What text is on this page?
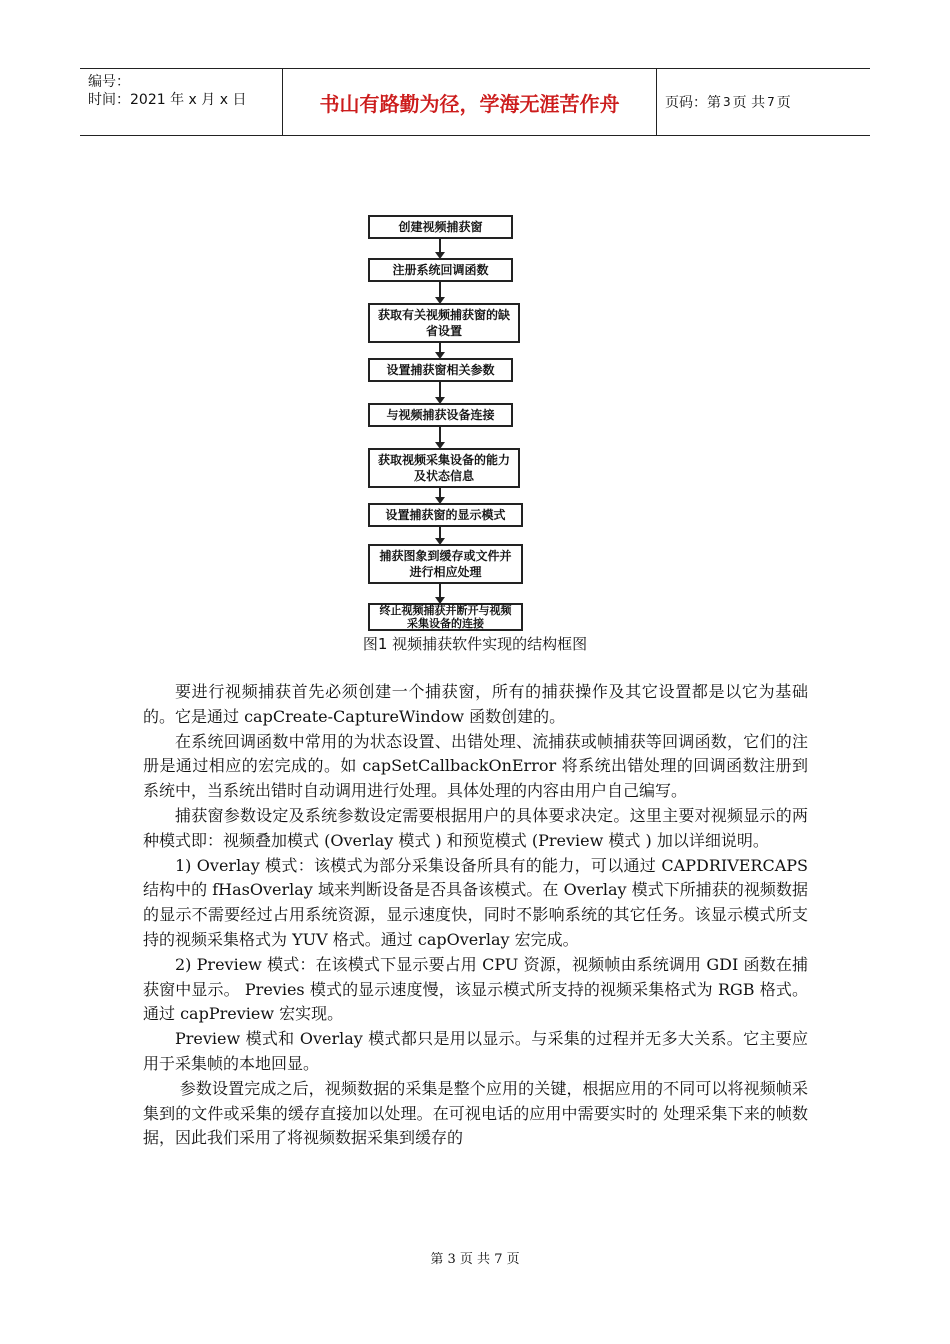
编号：
时间：2021 年 x 月 x 日	书山有路勤为径，学海无涯苦作舟	页码：第 3 页 共 7 页
创建视频捕获窗
注册系统回调函数
获取有关视频捕获窗的缺省设置
设置捕获窗相关参数
与视频捕获设备连接
获取视频采集设备的能力及状态信息
设置捕获窗的显示模式
捕获图象到缓存或文件并进行相应处理
终止视频捕获并断开与视频采集设备的连接
图1 视频捕获软件实现的结构框图

要进行视频捕获首先必须创建一个捕获窗，所有的捕获操作及其它设置都是以它为基础的。它是通过 capCreate-CaptureWindow 函数创建的。

在系统回调函数中常用的为状态设置、出错处理、流捕获或帧捕获等回调函数，它们的注册是通过相应的宏完成的。如 capSetCallbackOnError 将系统出错处理的回调函数注册到系统中，当系统出错时自动调用进行处理。具体处理的内容由用户自己编写。

捕获窗参数设定及系统参数设定需要根据用户的具体要求决定。这里主要对视频显示的两种模式即：视频叠加模式 (Overlay 模式 ) 和预览模式 (Preview 模式 ) 加以详细说明。

1) Overlay 模式：该模式为部分采集设备所具有的能力，可以通过 CAPDRIVERCAPS 结构中的 fHasOverlay 域来判断设备是否具备该模式。在 Overlay 模式下所捕获的视频数据的显示不需要经过占用系统资源，显示速度快，同时不影响系统的其它任务。该显示模式所支持的视频采集格式为 YUV 格式。通过 capOverlay 宏完成。

2) Preview 模式：在该模式下显示要占用 CPU 资源，视频帧由系统调用 GDI 函数在捕获窗中显示。 Previes 模式的显示速度慢，该显示模式所支持的视频采集格式为 RGB 格式。通过 capPreview 宏实现。

Preview 模式和 Overlay 模式都只是用以显示。与采集的过程并无多大关系。它主要应用于采集帧的本地回显。

参数设置完成之后，视频数据的采集是整个应用的关键，根据应用的不同可以将视频帧采集到的文件或采集的缓存直接加以处理。在可视电话的应用中需要实时的 处理采集下来的帧数据，因此我们采用了将视频数据采集到缓存的

第 3 页 共 7 页
